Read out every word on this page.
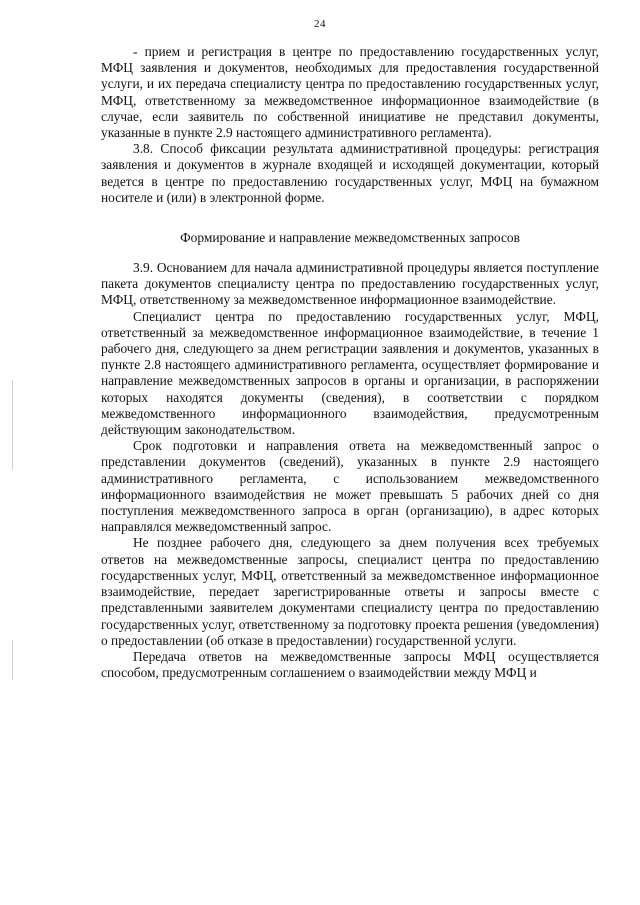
24

- прием и регистрация в центре по предоставлению государственных услуг, МФЦ заявления и документов, необходимых для предоставления государственной услуги, и их передача специалисту центра по предоставлению государственных услуг, МФЦ, ответственному за межведомственное информационное взаимодействие (в случае, если заявитель по собственной инициативе не представил документы, указанные в пункте 2.9 настоящего административного регламента).

3.8. Способ фиксации результата административной процедуры: регистрация заявления и документов в журнале входящей и исходящей документации, который ведется в центре по предоставлению государственных услуг, МФЦ на бумажном носителе и (или) в электронной форме.

Формирование и направление межведомственных запросов

3.9. Основанием для начала административной процедуры является поступление пакета документов специалисту центра по предоставлению государственных услуг, МФЦ, ответственному за межведомственное информационное взаимодействие.

Специалист центра по предоставлению государственных услуг, МФЦ, ответственный за межведомственное информационное взаимодействие, в течение 1 рабочего дня, следующего за днем регистрации заявления и документов, указанных в пункте 2.8 настоящего административного регламента, осуществляет формирование и направление межведомственных запросов в органы и организации, в распоряжении которых находятся документы (сведения), в соответствии с порядком межведомственного информационного взаимодействия, предусмотренным действующим законодательством.

Срок подготовки и направления ответа на межведомственный запрос о представлении документов (сведений), указанных в пункте 2.9 настоящего административного регламента, с использованием межведомственного информационного взаимодействия не может превышать 5 рабочих дней со дня поступления межведомственного запроса в орган (организацию), в адрес которых направлялся межведомственный запрос.

Не позднее рабочего дня, следующего за днем получения всех требуемых ответов на межведомственные запросы, специалист центра по предоставлению государственных услуг, МФЦ, ответственный за межведомственное информационное взаимодействие, передает зарегистрированные ответы и запросы вместе с представленными заявителем документами специалисту центра по предоставлению государственных услуг, ответственному за подготовку проекта решения (уведомления) о предоставлении (об отказе в предоставлении) государственной услуги.

Передача ответов на межведомственные запросы МФЦ осуществляется способом, предусмотренным соглашением о взаимодействии между МФЦ и
